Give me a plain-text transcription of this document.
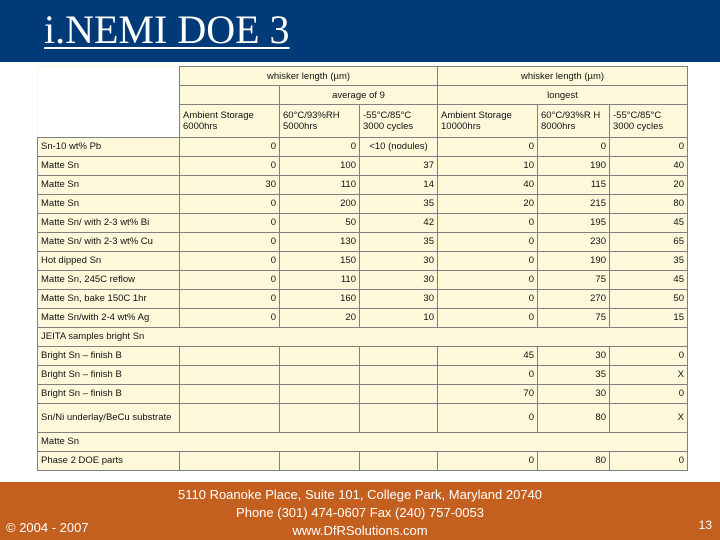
i.NEMI DOE 3
	whisker length (µm)			whisker length (µm)		
		average of 9		longest		
	Ambient Storage 6000hrs	60°C/93%RH 5000hrs	-55°C/85°C 3000 cycles	Ambient Storage 10000hrs	60°C/93%R H 8000hrs	-55°C/85°C 3000 cycles
Sn-10 wt% Pb	0	0	<10 (nodules)	0	0	0
Matte Sn	0	100	37	10	190	40
Matte Sn	30	110	14	40	115	20
Matte Sn	0	200	35	20	215	80
Matte Sn/ with 2-3 wt% Bi	0	50	42	0	195	45
Matte Sn/ with 2-3 wt% Cu	0	130	35	0	230	65
Hot dipped Sn	0	150	30	0	190	35
Matte Sn, 245C reflow	0	110	30	0	75	45
Matte Sn, bake 150C 1hr	0	160	30	0	270	50
Matte Sn/with 2-4 wt% Ag	0	20	10	0	75	15
JEITA samples bright Sn						
Bright Sn – finish B				45	30	0
Bright Sn – finish B				0	35	X
Bright Sn – finish B				70	30	0
Sn/Ni underlay/BeCu substrate				0	80	X
Matte Sn						
Phase 2 DOE parts				0	80	0
© 2004 - 2007
5110 Roanoke Place, Suite 101, College Park, Maryland 20740
Phone (301) 474-0607 Fax (240) 757-0053
www.DfRSolutions.com	13
